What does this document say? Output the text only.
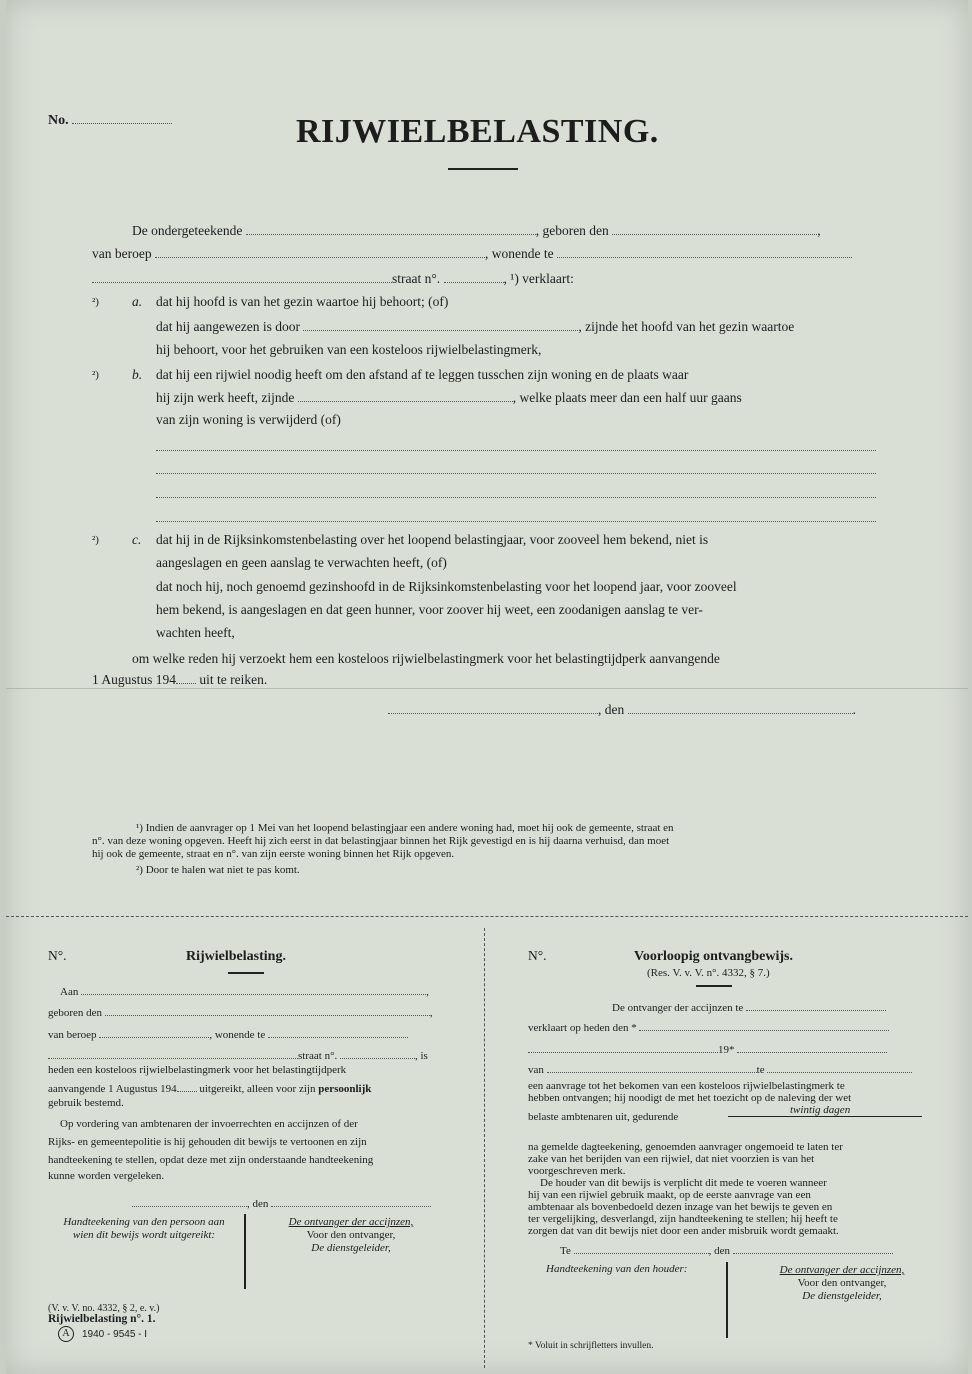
No.	RIJWIELBELASTING.
De ondergeteekende	, geboren den	,
van beroep	, wonende te
straat n°.	, ¹) verklaart:
²) a. dat hij hoofd is van het gezin waartoe hij behoort; (of)
dat hij aangewezen is door	, zijnde het hoofd van het gezin waartoe
hij behoort, voor het gebruiken van een kosteloos rijwielbelastingmerk,
²) b. dat hij een rijwiel noodig heeft om den afstand af te leggen tusschen zijn woning en de plaats waar
hij zijn werk heeft, zijnde	, welke plaats meer dan een half uur gaans
van zijn woning is verwijderd (of)
²) c. dat hij in de Rijksinkomstenbelasting over het loopend belastingjaar, voor zooveel hem bekend, niet is
aangeslagen en geen aanslag te verwachten heeft, (of)
dat noch hij, noch genoemd gezinshoofd in de Rijksinkomstenbelasting voor het loopend jaar, voor zooveel
hem bekend, is aangeslagen en dat geen hunner, voor zoover hij weet, een zoodanigen aanslag te ver-
wachten heeft,
om welke reden hij verzoekt hem een kosteloos rijwielbelastingmerk voor het belastingtijdperk aanvangende
1 Augustus 194 uit te reiken.
, den	.
¹) Indien de aanvrager op 1 Mei van het loopend belastingjaar een andere woning had, moet hij ook de gemeente, straat en
n°. van deze woning opgeven. Heeft hij zich eerst in dat belastingjaar binnen het Rijk gevestigd en is hij daarna verhuisd, dan moet
hij ook de gemeente, straat en n°. van zijn eerste woning binnen het Rijk opgeven.
²) Door te halen wat niet te pas komt.
N°.	Rijwielbelasting.
Aan	,
geboren den	,
van beroep	, wonende te
straat n°.	, is
heden een kosteloos rijwielbelastingmerk voor het belastingtijdperk
aanvangende 1 Augustus 194 uitgereikt, alleen voor zijn persoonlijk
gebruik bestemd.
Op vordering van ambtenaren der invoerrechten en accijnzen of der
Rijks- en gemeentepolitie is hij gehouden dit bewijs te vertoonen en zijn
handteekening te stellen, opdat deze met zijn onderstaande handteekening
kunne worden vergeleken.
, den
Handteekening van den persoon aan
wien dit bewijs wordt uitgereikt:
De ontvanger der accijnzen,
Voor den ontvanger,
De dienstgeleider,
(V. v. V. no. 4332, § 2, e. v.)
Rijwielbelasting n°. 1.
A	1940 - 9545 - I
N°.	Voorloopig ontvangbewijs.
(Res. V. v. V. n°. 4332, § 7.)
De ontvanger der accijnzen te
verklaart op heden den *
19*
van	te
een aanvrage tot het bekomen van een kosteloos rijwielbelastingmerk te
hebben ontvangen; hij noodigt de met het toezicht op de naleving der wet
belaste ambtenaren uit, gedurende
twintig dagen
na gemelde dagteekening, genoemden aanvrager ongemoeid te laten ter
zake van het berijden van een rijwiel, dat niet voorzien is van het
voorgeschreven merk.
De houder van dit bewijs is verplicht dit mede te voeren wanneer
hij van een rijwiel gebruik maakt, op de eerste aanvrage van een
ambtenaar als bovenbedoeld dezen inzage van het bewijs te geven en
ter vergelijking, desverlangd, zijn handteekening te stellen; hij heeft te
zorgen dat van dit bewijs niet door een ander misbruik wordt gemaakt.
Te	, den
Handteekening van den houder:	De ontvanger der accijnzen,
Voor den ontvanger,
De dienstgeleider,
* Voluit in schrijfletters invullen.
